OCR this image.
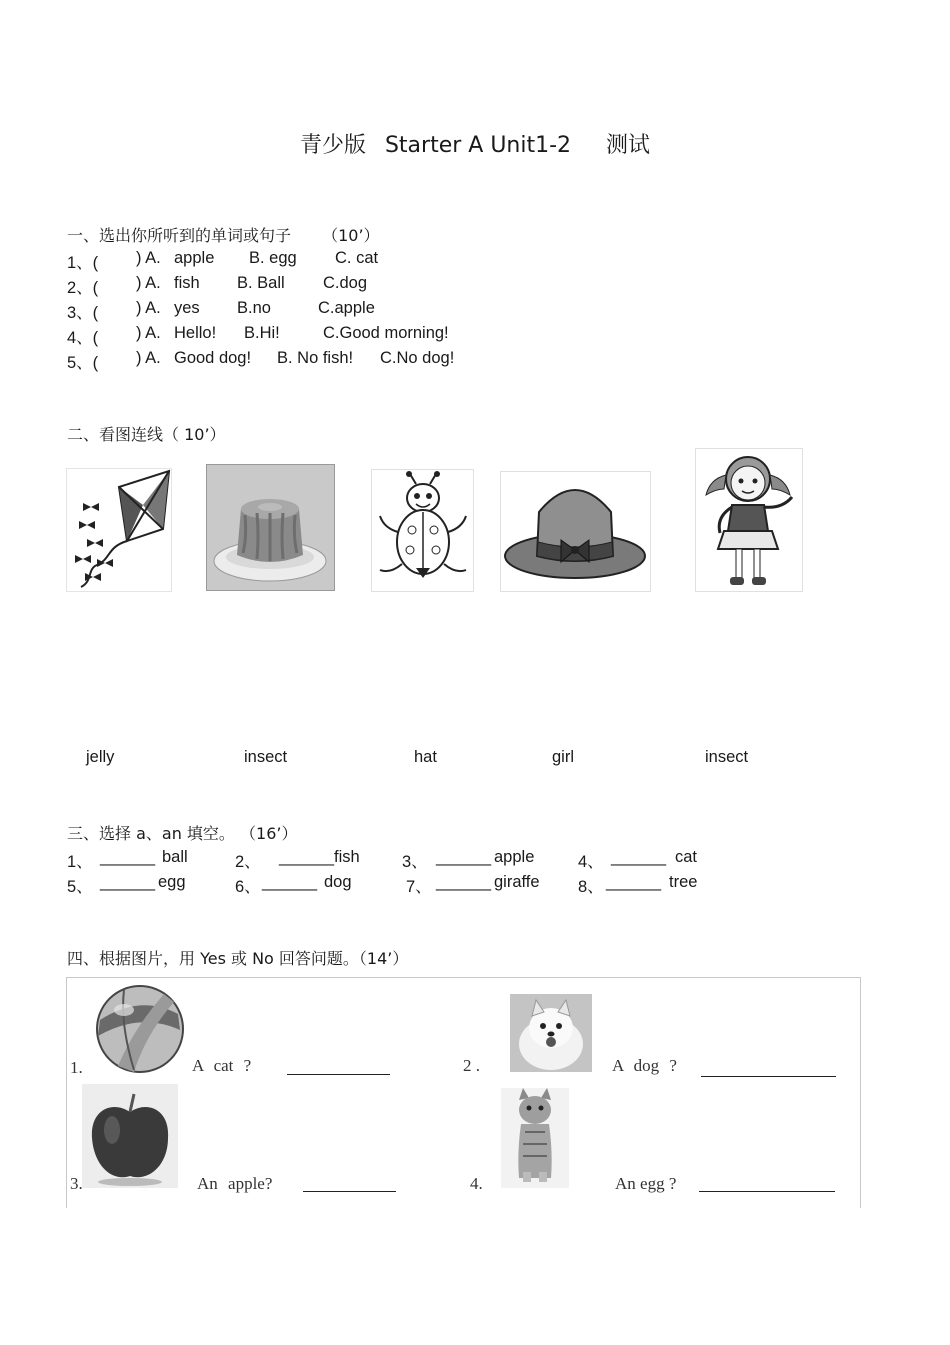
青少版 Starter A Unit1-2 测试
一、选出你所听到的单词或句子 （10’）
1、( ) A. apple B. egg C. cat
2、( ) A. fish B. Ball C.dog
3、( ) A. yes B.no	C.apple
4、( ) A. Hello! B.Hi!	C.Good morning!
5、( ) A. Good dog! B. No fish! C.No dog!
二、看图连线（ 10’）
jelly	insect	hat	girl	insect
三、选择 a、an 填空。 （16’）
1、 ______ ball	2、 ______ fish	3、 ______ apple	4、 ______ cat
5、 ______ egg	6、 ______ dog	7、 ______ giraffe 8、 ______ tree
四、根据图片，用 Yes 或 No 回答问题。（14’）
1.	A cat ?	2 .	A dog ?
3.	An apple?	4.	An egg ?
